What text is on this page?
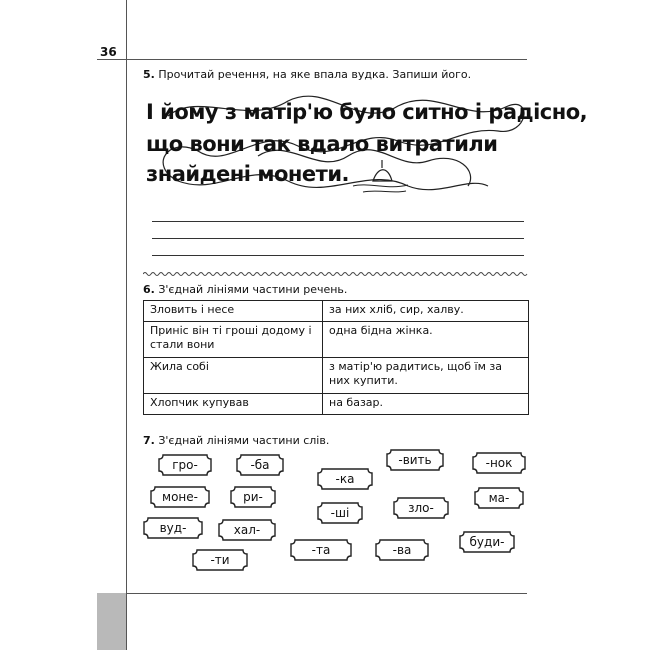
36
5. Прочитай речення, на яке впала вудка. Запиши його.
І йому з матір'ю було ситно і радісно,
що вони так вдало витратили
знайдені монети.
6. З'єднай лініями частини речень.
Зловить і несе	за них хліб, сир, халву.
Приніс він ті гроші додому і стали вони	одна бідна жінка.
Жила собі	з матір'ю радитись, щоб їм за них купити.
Хлопчик купував	на базар.
7. З'єднай лініями частини слів.
гро-	-ба
-ка
-вить	-нок
моне-	ри-
-ші	зло-
ма-
вуд-	хал-
-та	-ва
буди-
-ти
